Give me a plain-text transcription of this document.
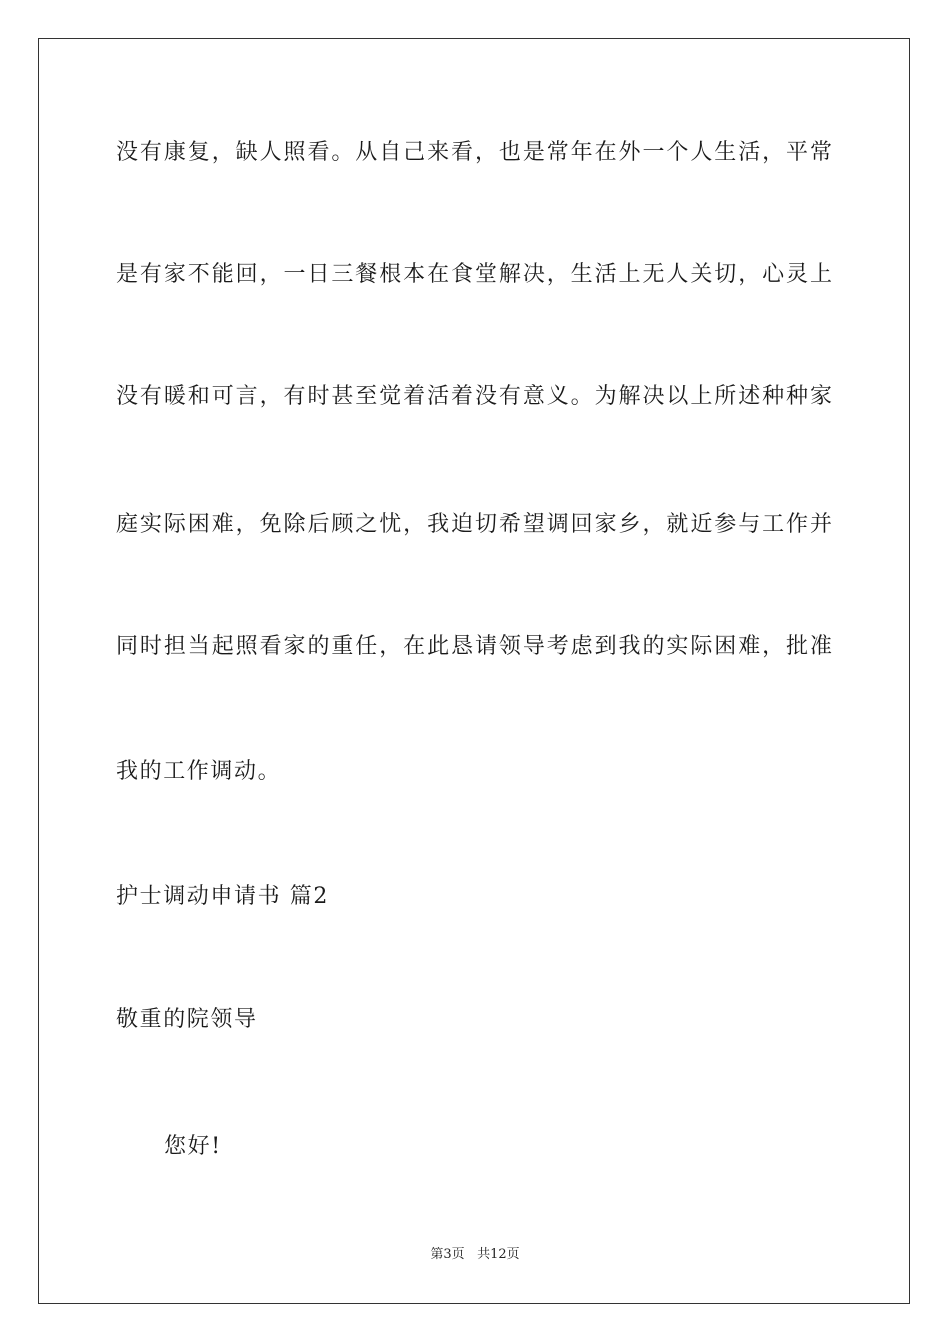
没有康复，缺人照看。从自己来看，也是常年在外一个人生活，平常
是有家不能回，一日三餐根本在食堂解决，生活上无人关切，心灵上
没有暖和可言，有时甚至觉着活着没有意义。为解决以上所述种种家
庭实际困难，免除后顾之忧，我迫切希望调回家乡，就近参与工作并
同时担当起照看家的重任，在此恳请领导考虑到我的实际困难，批准
我的工作调动。
护士调动申请书 篇2
敬重的院领导
您好!
第3页 共12页
